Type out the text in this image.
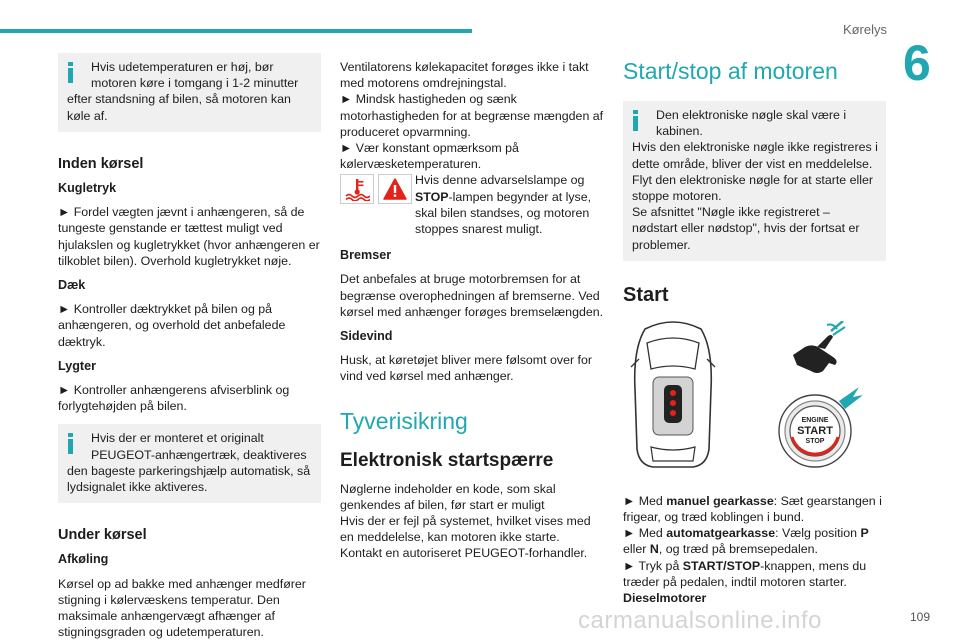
Kørelys
6

Hvis udetemperaturen er høj, bør motoren køre i tomgang i 1-2 minutter

efter standsning af bilen, så motoren kan køle af.

Inden kørsel
Kugletryk

► Fordel vægten jævnt i anhængeren, så de tungeste genstande er tættest muligt ved hjulakslen og kugletrykket (hvor anhængeren er tilkoblet bilen). Overhold kugletrykket nøje.

Dæk

► Kontroller dæktrykket på bilen og på anhængeren, og overhold det anbefalede dæktryk.

Lygter

► Kontroller anhængerens afviserblink og forlygtehøjden på bilen.

Hvis der er monteret et originalt PEUGEOT-anhængertræk, deaktiveres

den bageste parkeringshjælp automatisk, så lydsignalet ikke aktiveres.

Under kørsel
Afkøling

Kørsel op ad bakke med anhænger medfører stigning i kølervæskens temperatur. Den maksimale anhængervægt afhænger af stigningsgraden og udetemperaturen.

Ventilatorens kølekapacitet forøges ikke i takt med motorens omdrejningstal.

► Mindsk hastigheden og sænk motorhastigheden for at begrænse mængden af produceret opvarmning.

► Vær konstant opmærksom på kølervæsketemperaturen.

Hvis denne advarselslampe og STOP-lampen begynder at lyse, skal bilen standses, og motoren stoppes snarest muligt.

Bremser

Det anbefales at bruge motorbremsen for at begrænse overophedningen af bremserne. Ved kørsel med anhænger forøges bremselængden.

Sidevind

Husk, at køretøjet bliver mere følsomt over for vind ved kørsel med anhænger.

Tyverisikring
Elektronisk startspærre

Nøglerne indeholder en kode, som skal genkendes af bilen, før start er muligt

Hvis der er fejl på systemet, hvilket vises med en meddelelse, kan motoren ikke starte.

Kontakt en autoriseret PEUGEOT-forhandler.

Start/stop af motoren

Den elektroniske nøgle skal være i kabinen.

Hvis den elektroniske nøgle ikke registreres i dette område, bliver der vist en meddelelse.

Flyt den elektroniske nøgle for at starte eller stoppe motoren.

Se afsnittet "Nøgle ikke registreret – nødstart eller nødstop", hvis der fortsat er problemer.

Start
ENGINE
START
STOP

► Med manuel gearkasse: Sæt gearstangen i frigear, og træd koblingen i bund.

► Med automatgearkasse: Vælg position P eller N, og træd på bremsepedalen.

► Tryk på START/STOP-knappen, mens du træder på pedalen, indtil motoren starter.

Dieselmotorer

carmanualsonline.info	109
